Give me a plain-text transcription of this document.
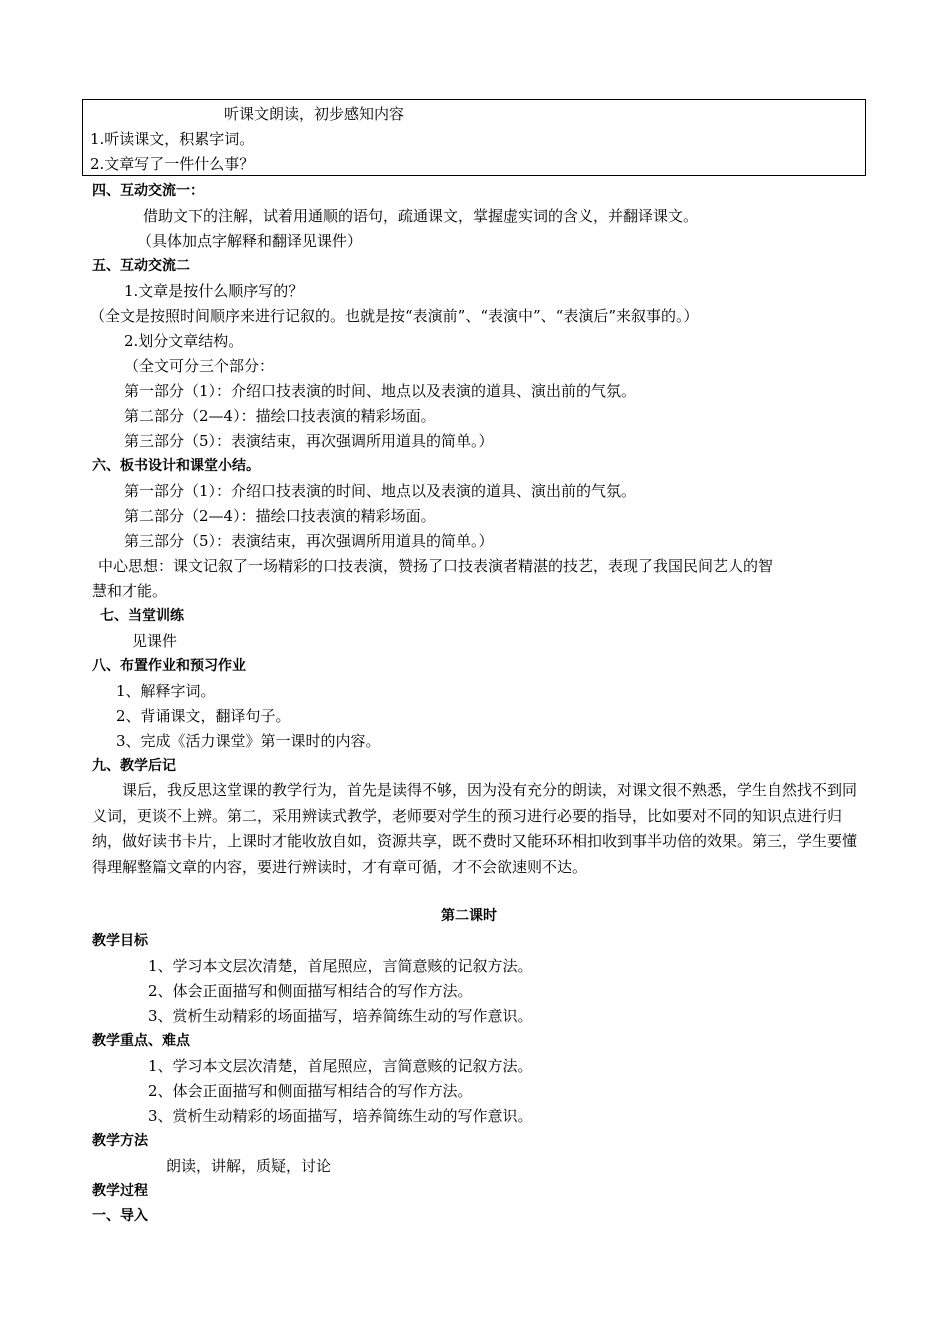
听课文朗读，初步感知内容
1.听读课文，积累字词。
2.文章写了一件什么事？
四、互动交流一：
借助文下的注解，试着用通顺的语句，疏通课文，掌握虚实词的含义，并翻译课文。
（具体加点字解释和翻译见课件）
五、互动交流二
1.文章是按什么顺序写的？
（全文是按照时间顺序来进行记叙的。也就是按“表演前”、“表演中”、“表演后”来叙事的。）
2.划分文章结构。
（全文可分三个部分：
第一部分（1）：介绍口技表演的时间、地点以及表演的道具、演出前的气氛。
第二部分（2—4）：描绘口技表演的精彩场面。
第三部分（5）：表演结束，再次强调所用道具的简单。）
六、板书设计和课堂小结。
第一部分（1）：介绍口技表演的时间、地点以及表演的道具、演出前的气氛。
第二部分（2—4）：描绘口技表演的精彩场面。
第三部分（5）：表演结束，再次强调所用道具的简单。）
中心思想：课文记叙了一场精彩的口技表演，赞扬了口技表演者精湛的技艺，表现了我国民间艺人的智
慧和才能。
七、当堂训练
见课件
八、布置作业和预习作业
1、解释字词。
2、背诵课文，翻译句子。
3、完成《活力课堂》第一课时的内容。
九、教学后记
课后，我反思这堂课的教学行为，首先是读得不够，因为没有充分的朗读，对课文很不熟悉，学生自然找不到同义词，更谈不上辨。第二，采用辨读式教学，老师要对学生的预习进行必要的指导，比如要对不同的知识点进行归纳，做好读书卡片，上课时才能收放自如，资源共享，既不费时又能环环相扣收到事半功倍的效果。第三，学生要懂得理解整篇文章的内容，要进行辨读时，才有章可循，才不会欲速则不达。
第二课时
教学目标
1、学习本文层次清楚，首尾照应，言简意赅的记叙方法。
2、体会正面描写和侧面描写相结合的写作方法。
3、赏析生动精彩的场面描写，培养简练生动的写作意识。
教学重点、难点
1、学习本文层次清楚，首尾照应，言简意赅的记叙方法。
2、体会正面描写和侧面描写相结合的写作方法。
3、赏析生动精彩的场面描写，培养简练生动的写作意识。
教学方法
朗读，讲解，质疑，讨论
教学过程
一、导入
